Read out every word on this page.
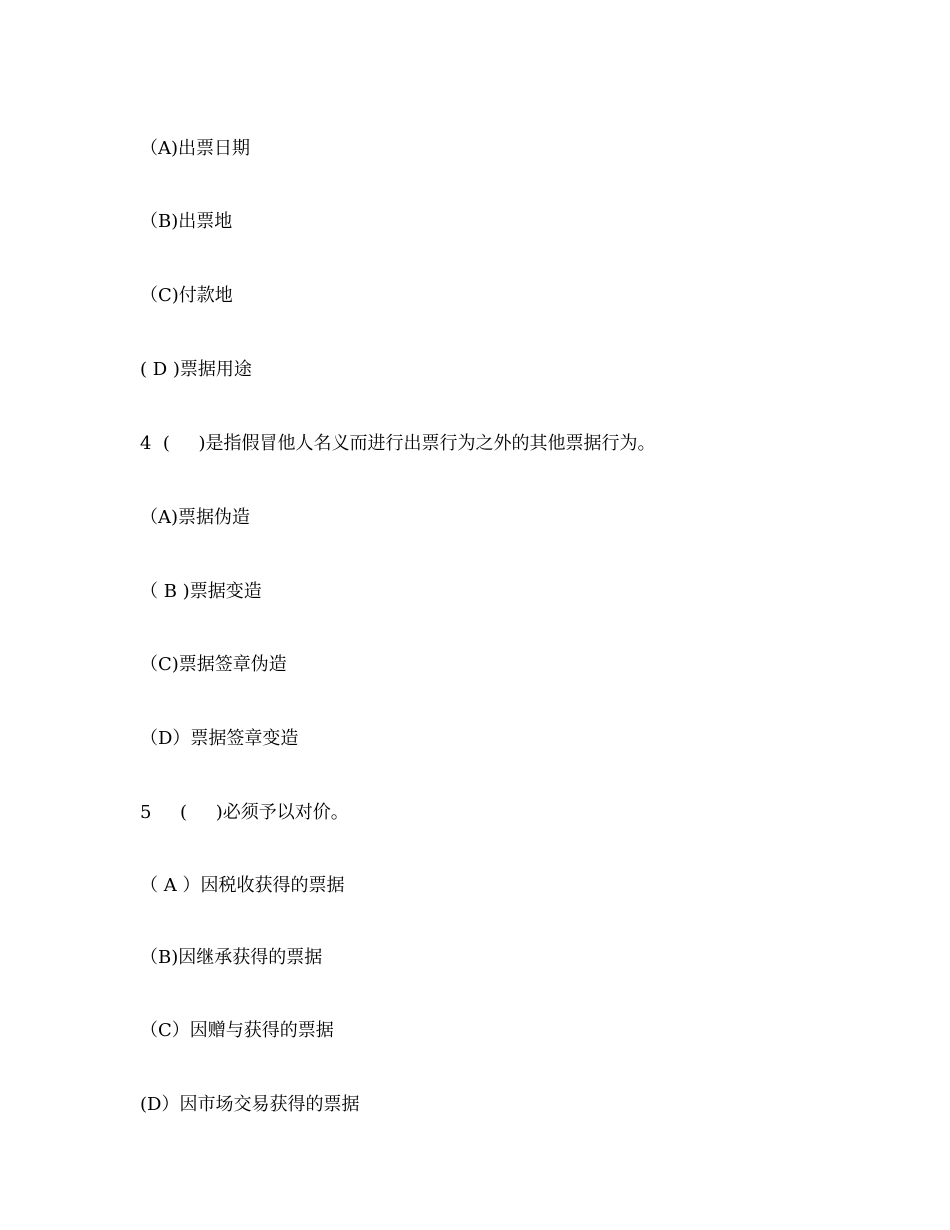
（A)出票日期
（B)出票地
（C)付款地
( D )票据用途
4  (     )是指假冒他人名义而进行出票行为之外的其他票据行为。
（A)票据伪造
（ B )票据变造
（C)票据签章伪造
（D）票据签章变造
5     (     )必须予以对价。
（ A ）因税收获得的票据
（B)因继承获得的票据
（C）因赠与获得的票据
(D）因市场交易获得的票据
